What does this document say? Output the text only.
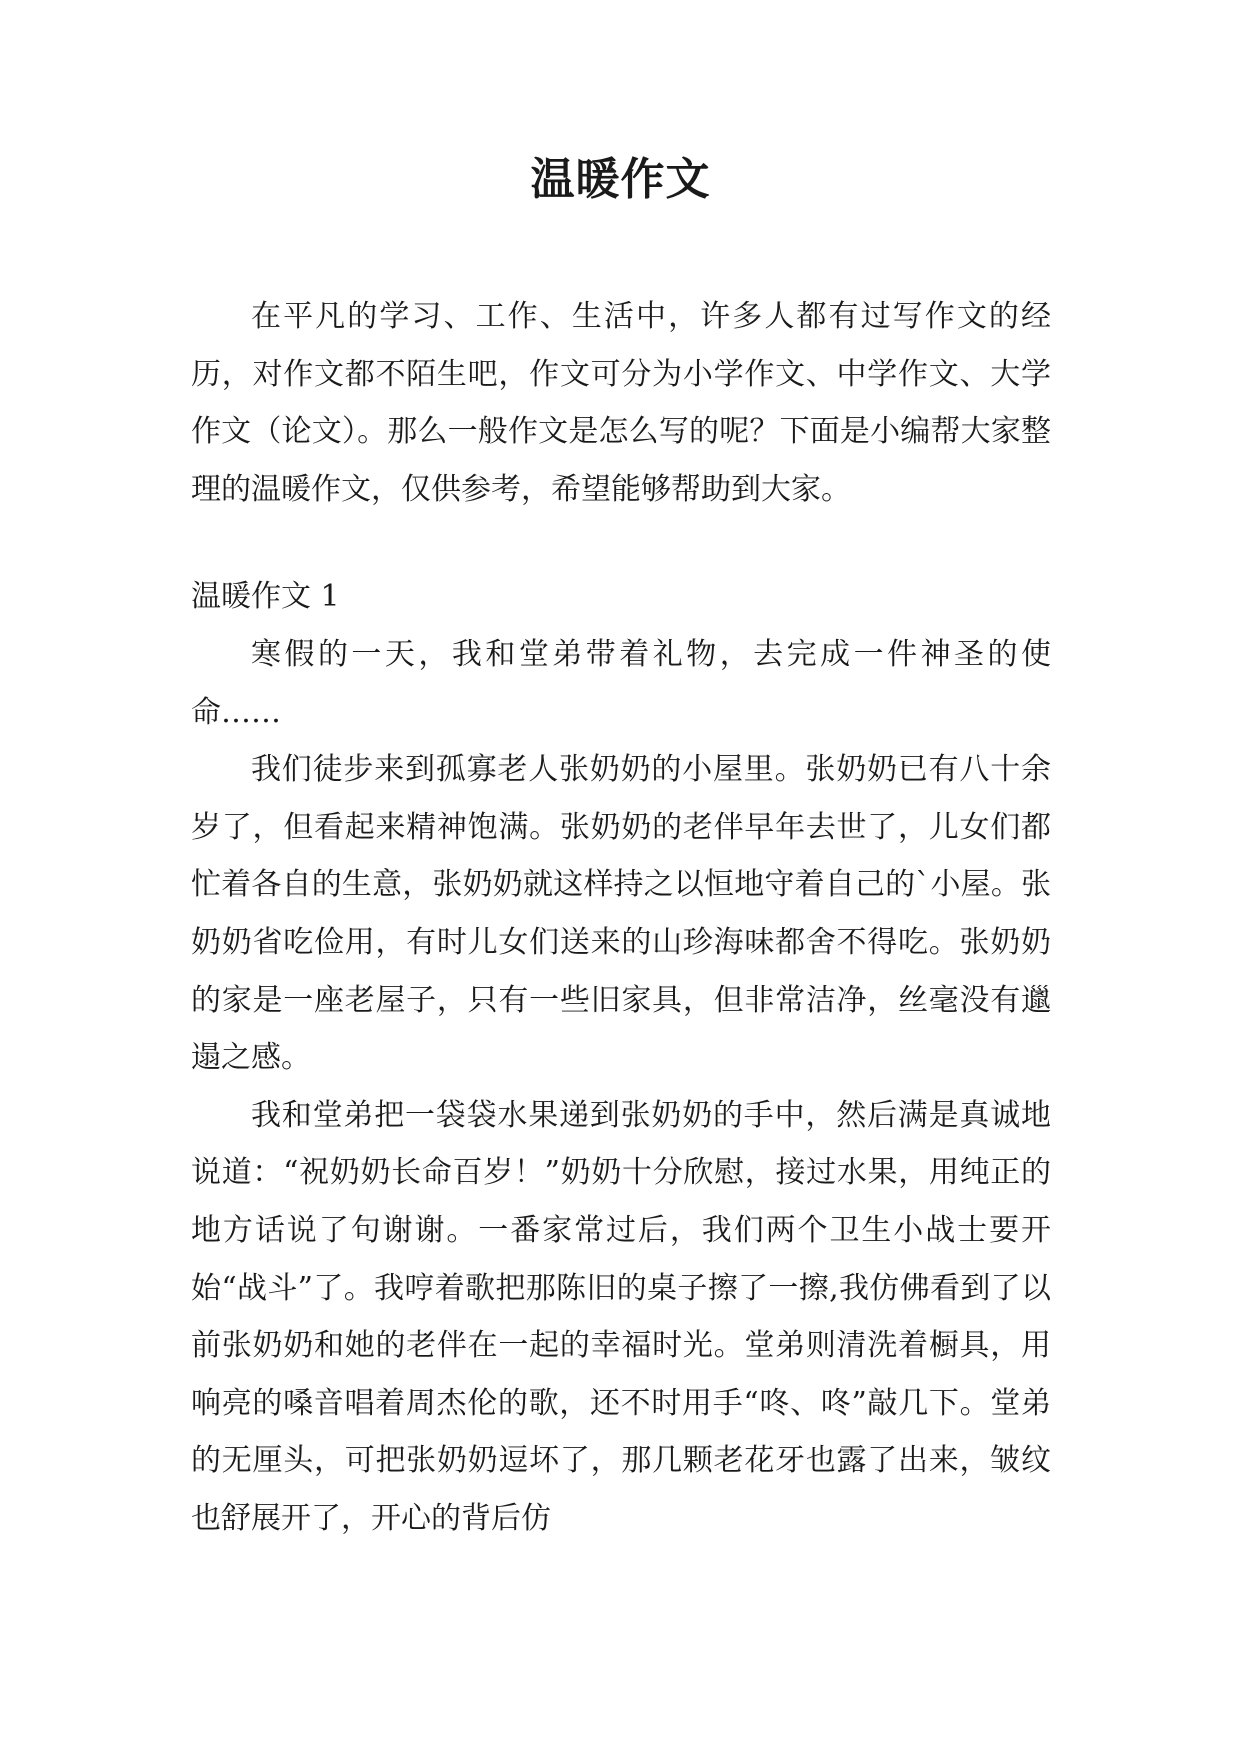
温暖作文

在平凡的学习、工作、生活中，许多人都有过写作文的经历，对作文都不陌生吧，作文可分为小学作文、中学作文、大学作文（论文）。那么一般作文是怎么写的呢？下面是小编帮大家整理的温暖作文，仅供参考，希望能够帮助到大家。

温暖作文 1

寒假的一天，我和堂弟带着礼物，去完成一件神圣的使命……

我们徒步来到孤寡老人张奶奶的小屋里。张奶奶已有八十余岁了，但看起来精神饱满。张奶奶的老伴早年去世了，儿女们都忙着各自的生意，张奶奶就这样持之以恒地守着自己的`小屋。张奶奶省吃俭用，有时儿女们送来的山珍海味都舍不得吃。张奶奶的家是一座老屋子，只有一些旧家具，但非常洁净，丝毫没有邋遢之感。

我和堂弟把一袋袋水果递到张奶奶的手中，然后满是真诚地说道：“祝奶奶长命百岁！”奶奶十分欣慰，接过水果，用纯正的地方话说了句谢谢。一番家常过后，我们两个卫生小战士要开始“战斗”了。我哼着歌把那陈旧的桌子擦了一擦,我仿佛看到了以前张奶奶和她的老伴在一起的幸福时光。堂弟则清洗着橱具，用响亮的嗓音唱着周杰伦的歌，还不时用手“咚、咚”敲几下。堂弟的无厘头，可把张奶奶逗坏了，那几颗老花牙也露了出来，皱纹也舒展开了，开心的背后仿
